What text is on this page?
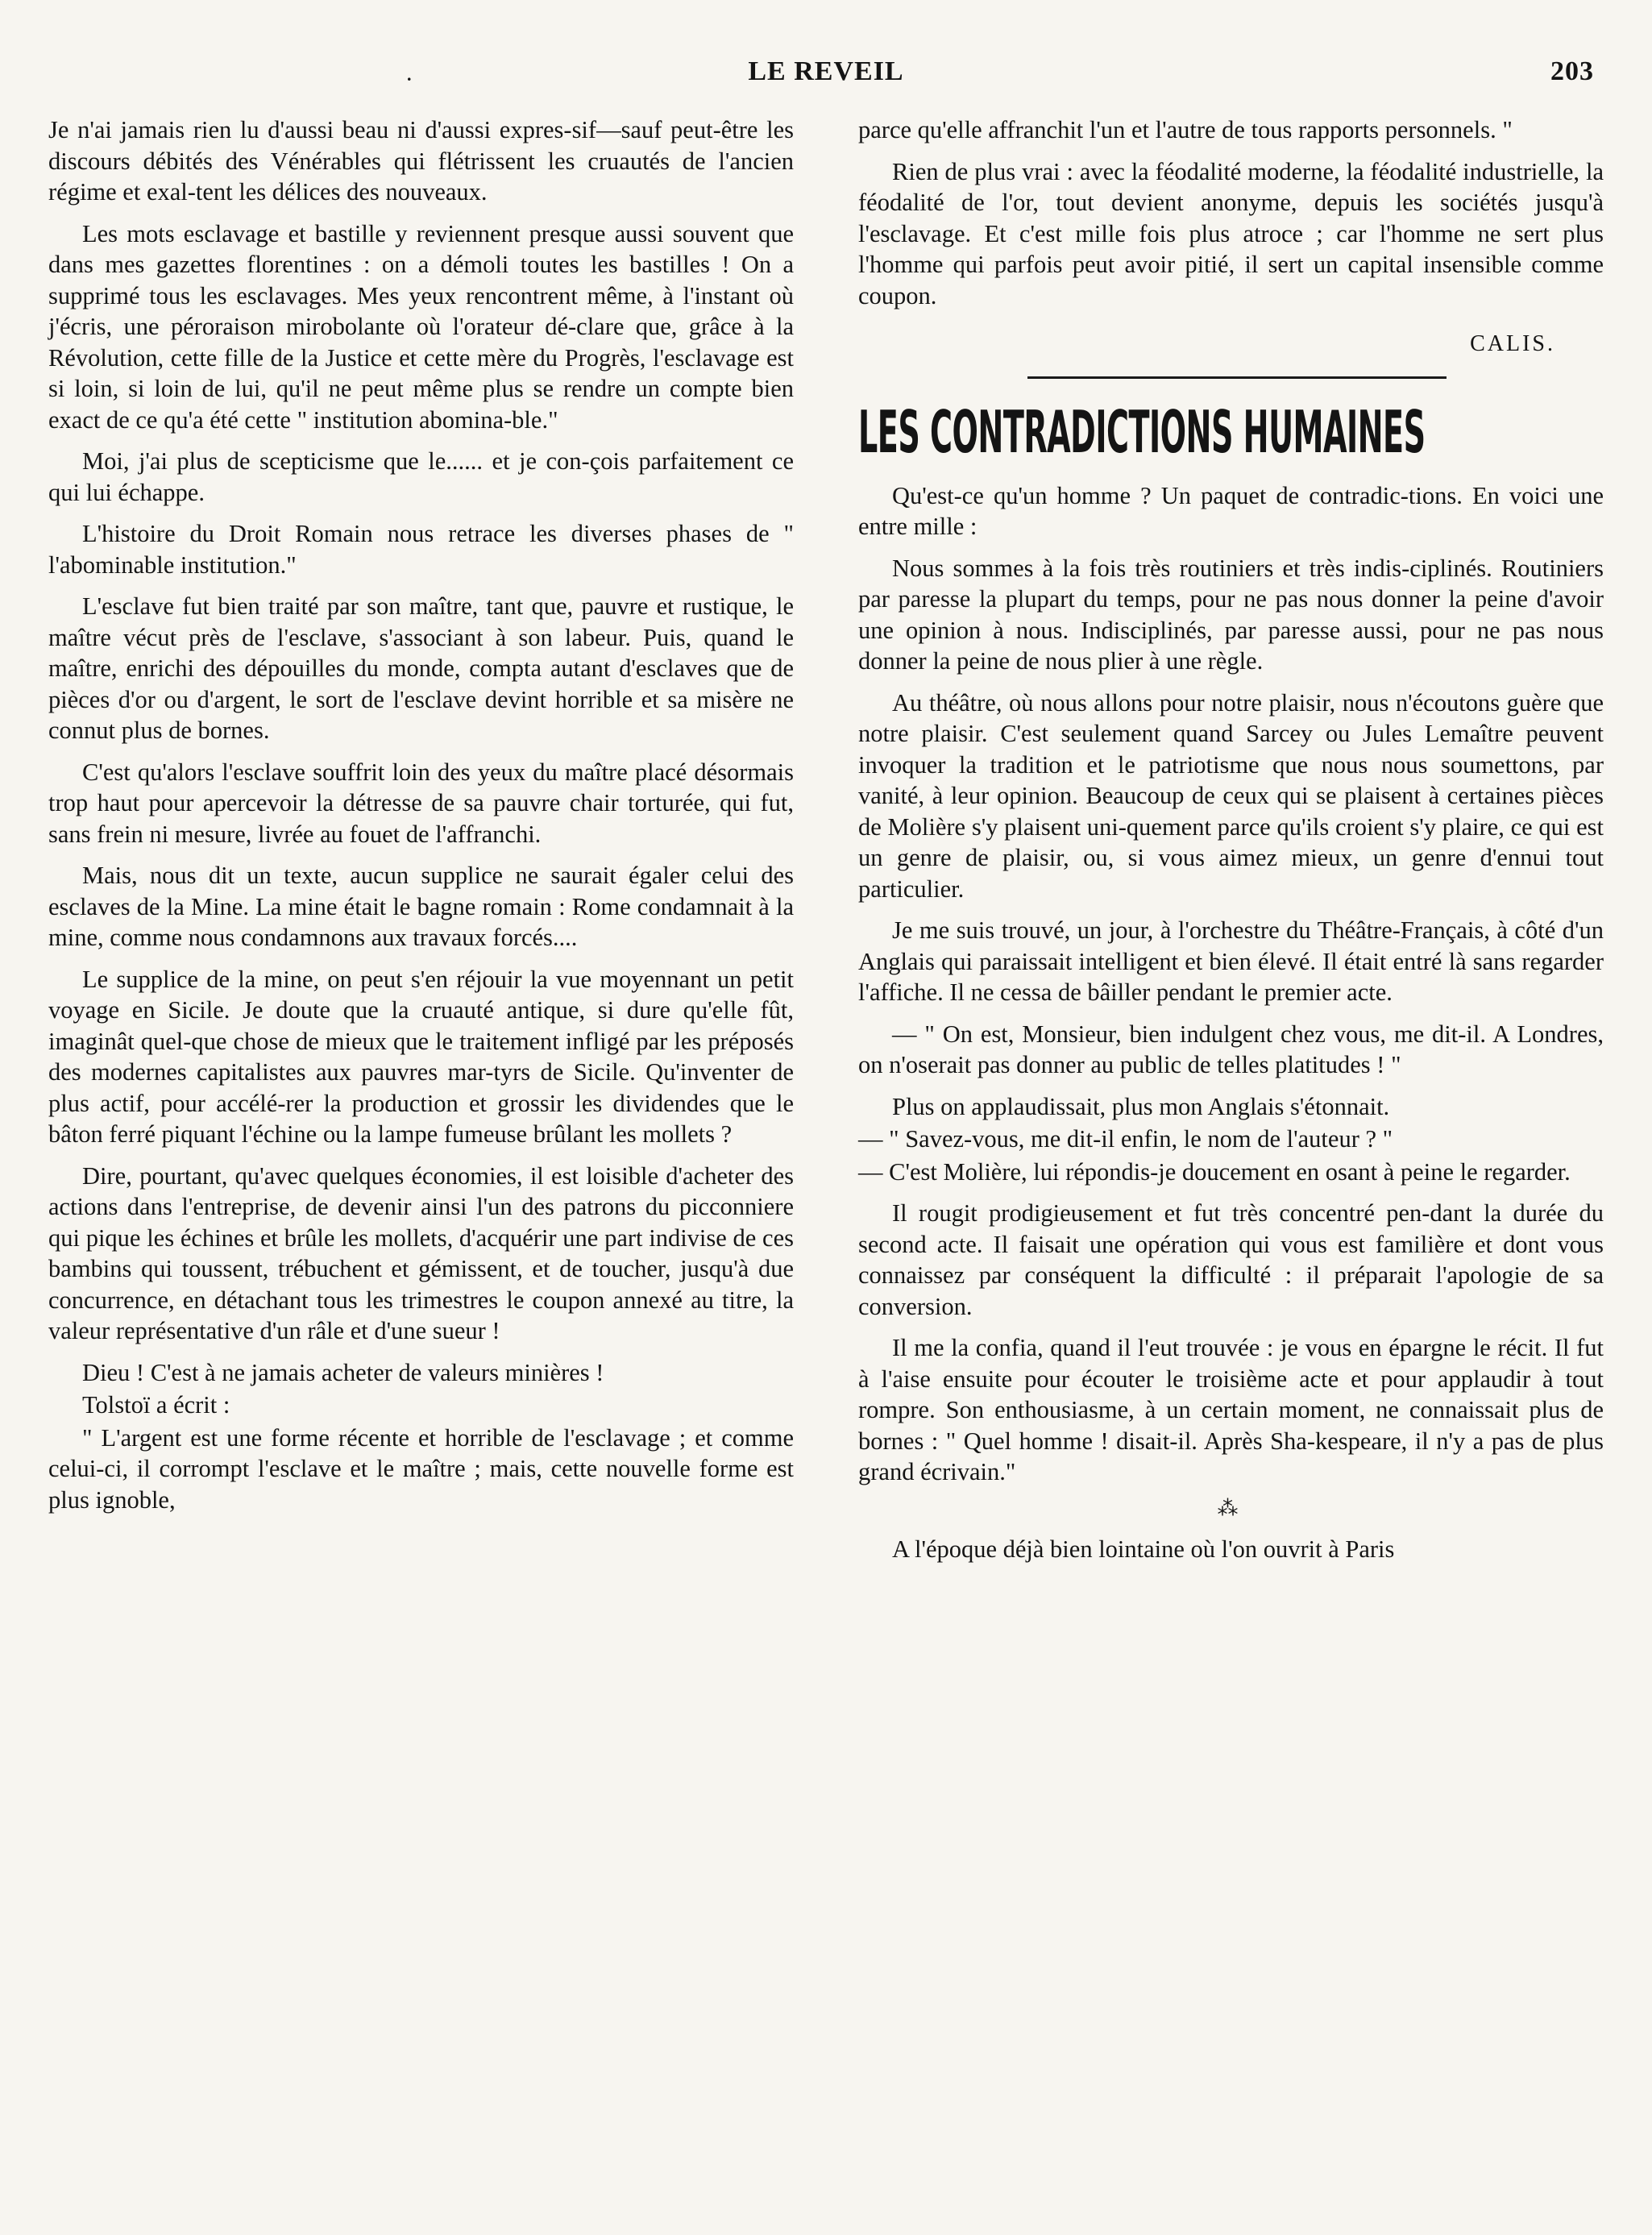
.	LE REVEIL	203

Je n'ai jamais rien lu d'aussi beau ni d'aussi expres-sif—sauf peut-être les discours débités des Vénérables qui flétrissent les cruautés de l'ancien régime et exal-tent les délices des nouveaux.

Les mots esclavage et bastille y reviennent presque aussi souvent que dans mes gazettes florentines : on a démoli toutes les bastilles ! On a supprimé tous les esclavages. Mes yeux rencontrent même, à l'instant où j'écris, une péroraison mirobolante où l'orateur dé-clare que, grâce à la Révolution, cette fille de la Justice et cette mère du Progrès, l'esclavage est si loin, si loin de lui, qu'il ne peut même plus se rendre un compte bien exact de ce qu'a été cette " institution abomina-ble."

Moi, j'ai plus de scepticisme que le...... et je con-çois parfaitement ce qui lui échappe.

L'histoire du Droit Romain nous retrace les diverses phases de " l'abominable institution."

L'esclave fut bien traité par son maître, tant que, pauvre et rustique, le maître vécut près de l'esclave, s'associant à son labeur. Puis, quand le maître, enrichi des dépouilles du monde, compta autant d'esclaves que de pièces d'or ou d'argent, le sort de l'esclave devint horrible et sa misère ne connut plus de bornes.

C'est qu'alors l'esclave souffrit loin des yeux du maître placé désormais trop haut pour apercevoir la détresse de sa pauvre chair torturée, qui fut, sans frein ni mesure, livrée au fouet de l'affranchi.

Mais, nous dit un texte, aucun supplice ne saurait égaler celui des esclaves de la Mine. La mine était le bagne romain : Rome condamnait à la mine, comme nous condamnons aux travaux forcés....

Le supplice de la mine, on peut s'en réjouir la vue moyennant un petit voyage en Sicile. Je doute que la cruauté antique, si dure qu'elle fût, imaginât quel-que chose de mieux que le traitement infligé par les préposés des modernes capitalistes aux pauvres mar-tyrs de Sicile. Qu'inventer de plus actif, pour accélé-rer la production et grossir les dividendes que le bâton ferré piquant l'échine ou la lampe fumeuse brûlant les mollets ?

Dire, pourtant, qu'avec quelques économies, il est loisible d'acheter des actions dans l'entreprise, de devenir ainsi l'un des patrons du picconniere qui pique les échines et brûle les mollets, d'acquérir une part indivise de ces bambins qui toussent, trébuchent et gémissent, et de toucher, jusqu'à due concurrence, en détachant tous les trimestres le coupon annexé au titre, la valeur représentative d'un râle et d'une sueur !

Dieu ! C'est à ne jamais acheter de valeurs minières !

Tolstoï a écrit :

" L'argent est une forme récente et horrible de l'esclavage ; et comme celui-ci, il corrompt l'esclave et le maître ; mais, cette nouvelle forme est plus ignoble,

parce qu'elle affranchit l'un et l'autre de tous rapports personnels. "

Rien de plus vrai : avec la féodalité moderne, la féodalité industrielle, la féodalité de l'or, tout devient anonyme, depuis les sociétés jusqu'à l'esclavage. Et c'est mille fois plus atroce ; car l'homme ne sert plus l'homme qui parfois peut avoir pitié, il sert un capital insensible comme coupon.

CALIS.
LES CONTRADICTIONS HUMAINES

Qu'est-ce qu'un homme ? Un paquet de contradic-tions. En voici une entre mille :

Nous sommes à la fois très routiniers et très indis-ciplinés. Routiniers par paresse la plupart du temps, pour ne pas nous donner la peine d'avoir une opinion à nous. Indisciplinés, par paresse aussi, pour ne pas nous donner la peine de nous plier à une règle.

Au théâtre, où nous allons pour notre plaisir, nous n'écoutons guère que notre plaisir. C'est seulement quand Sarcey ou Jules Lemaître peuvent invoquer la tradition et le patriotisme que nous nous soumettons, par vanité, à leur opinion. Beaucoup de ceux qui se plaisent à certaines pièces de Molière s'y plaisent uni-quement parce qu'ils croient s'y plaire, ce qui est un genre de plaisir, ou, si vous aimez mieux, un genre d'ennui tout particulier.

Je me suis trouvé, un jour, à l'orchestre du Théâtre-Français, à côté d'un Anglais qui paraissait intelligent et bien élevé. Il était entré là sans regarder l'affiche. Il ne cessa de bâiller pendant le premier acte.

— " On est, Monsieur, bien indulgent chez vous, me dit-il. A Londres, on n'oserait pas donner au public de telles platitudes ! "

Plus on applaudissait, plus mon Anglais s'étonnait.

— " Savez-vous, me dit-il enfin, le nom de l'auteur ? "

— C'est Molière, lui répondis-je doucement en osant à peine le regarder.

Il rougit prodigieusement et fut très concentré pen-dant la durée du second acte. Il faisait une opération qui vous est familière et dont vous connaissez par conséquent la difficulté : il préparait l'apologie de sa conversion.

Il me la confia, quand il l'eut trouvée : je vous en épargne le récit. Il fut à l'aise ensuite pour écouter le troisième acte et pour applaudir à tout rompre. Son enthousiasme, à un certain moment, ne connaissait plus de bornes : " Quel homme ! disait-il. Après Sha-kespeare, il n'y a pas de plus grand écrivain."

⁂

A l'époque déjà bien lointaine où l'on ouvrit à Paris
